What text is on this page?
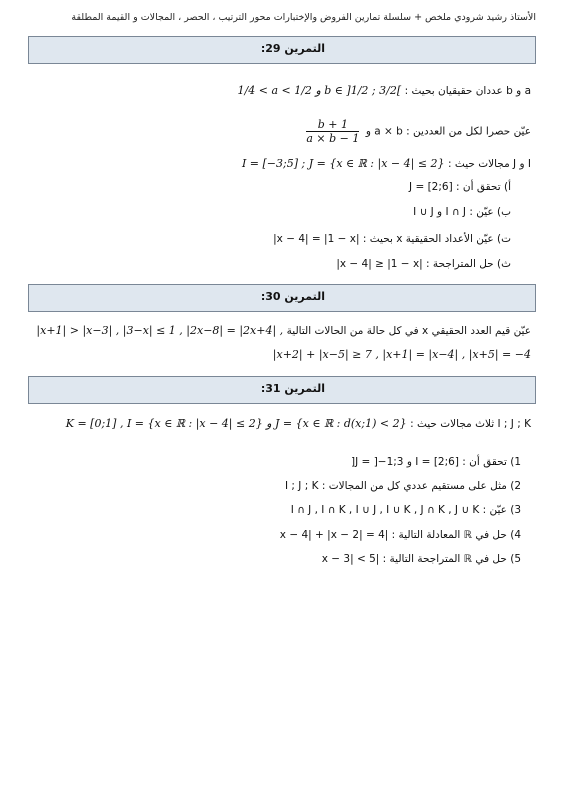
الأستاذ رشيد شرودي ملخص + سلسلة تمارين الفروض والإختبارات محور الترتيب ، الحصر ، المجالات و القيمة المطلقة
التمرين 29:
a و b عددان حقيقيان بحيث : 1/4 < a < 1/2 و b ∈ ]1/2 ; 3/2[
عيّن حصرا لكل من العددين : a × b و
$\frac{b + 1}{a \times b - 1}$
I و J مجالات حيث : I = [−3;5] ; J = {x ∈ ℝ : |x − 4| ≤ 2}
أ) تحقق أن : J = [2;6]
ب) عيّن : I ∩ J و I ∪ J
ت) عيّن الأعداد الحقيقية x بحيث : |x − 4| = |1 − x|
ث) حل المتراجحة : |x − 4| ≥ |1 − x|
التمرين 30:
عيّن قيم العدد الحقيقي x في كل حالة من الحالات التالية |x+1| > |x−3| , |3−x| ≤ 1 , |2x−8| = |2x+4| ,
|x+2| + |x−5| ≥ 7 , |x+1| = |x−4| , |x+5| = −4
التمرين 31:
I ; J ; K ثلاث مجالات حيث : K = [0;1] , I = {x ∈ ℝ : |x − 4| ≤ 2} و J = {x ∈ ℝ : d(x;1) < 2}
1) تحقق أن : I = [2;6] و J = ]−1;3[
2) مثل على مستقيم عددي كل من المجالات : I ; J ; K
3) عيّن : I ∩ J , I ∩ K , I ∪ J , I ∪ K , J ∩ K , J ∪ K
4) حل في ℝ المعادلة التالية : |x − 4| + |x − 2| = 4
5) حل في ℝ المتراجحة التالية : |x − 3| < 5
